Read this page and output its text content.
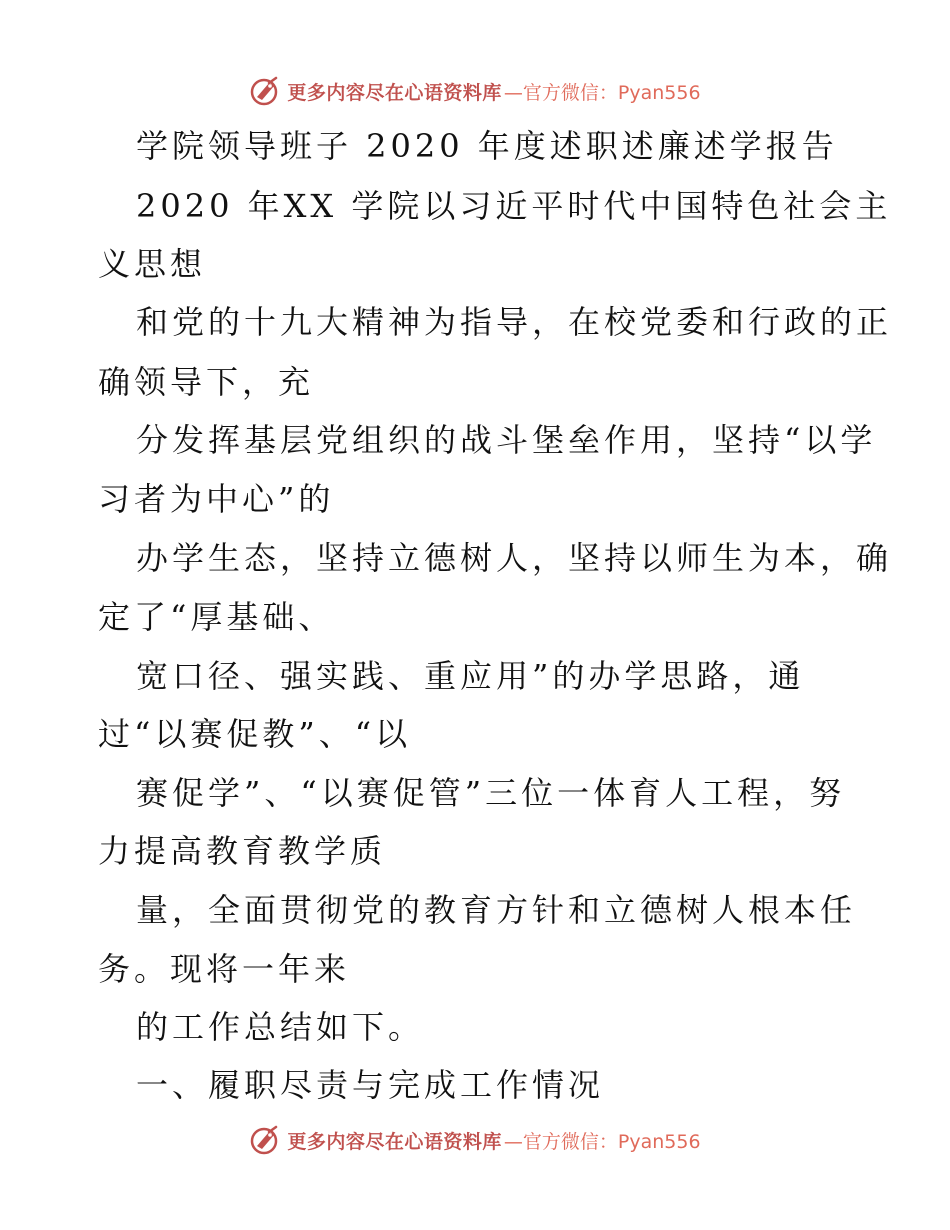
更多内容尽在心语资料库 —官方微信：Pyan556
学院领导班子 2020 年度述职述廉述学报告
2020 年XX 学院以习近平时代中国特色社会主
义思想
和党的十九大精神为指导，在校党委和行政的正
确领导下，充
分发挥基层党组织的战斗堡垒作用，坚持“以学
习者为中心”的
办学生态，坚持立德树人，坚持以师生为本，确
定了“厚基础、
宽口径、强实践、重应用”的办学思路，通
过“以赛促教”、“以
赛促学”、“以赛促管”三位一体育人工程，努
力提高教育教学质
量，全面贯彻党的教育方针和立德树人根本任
务。现将一年来
的工作总结如下。
一、履职尽责与完成工作情况
更多内容尽在心语资料库 —官方微信：Pyan556
